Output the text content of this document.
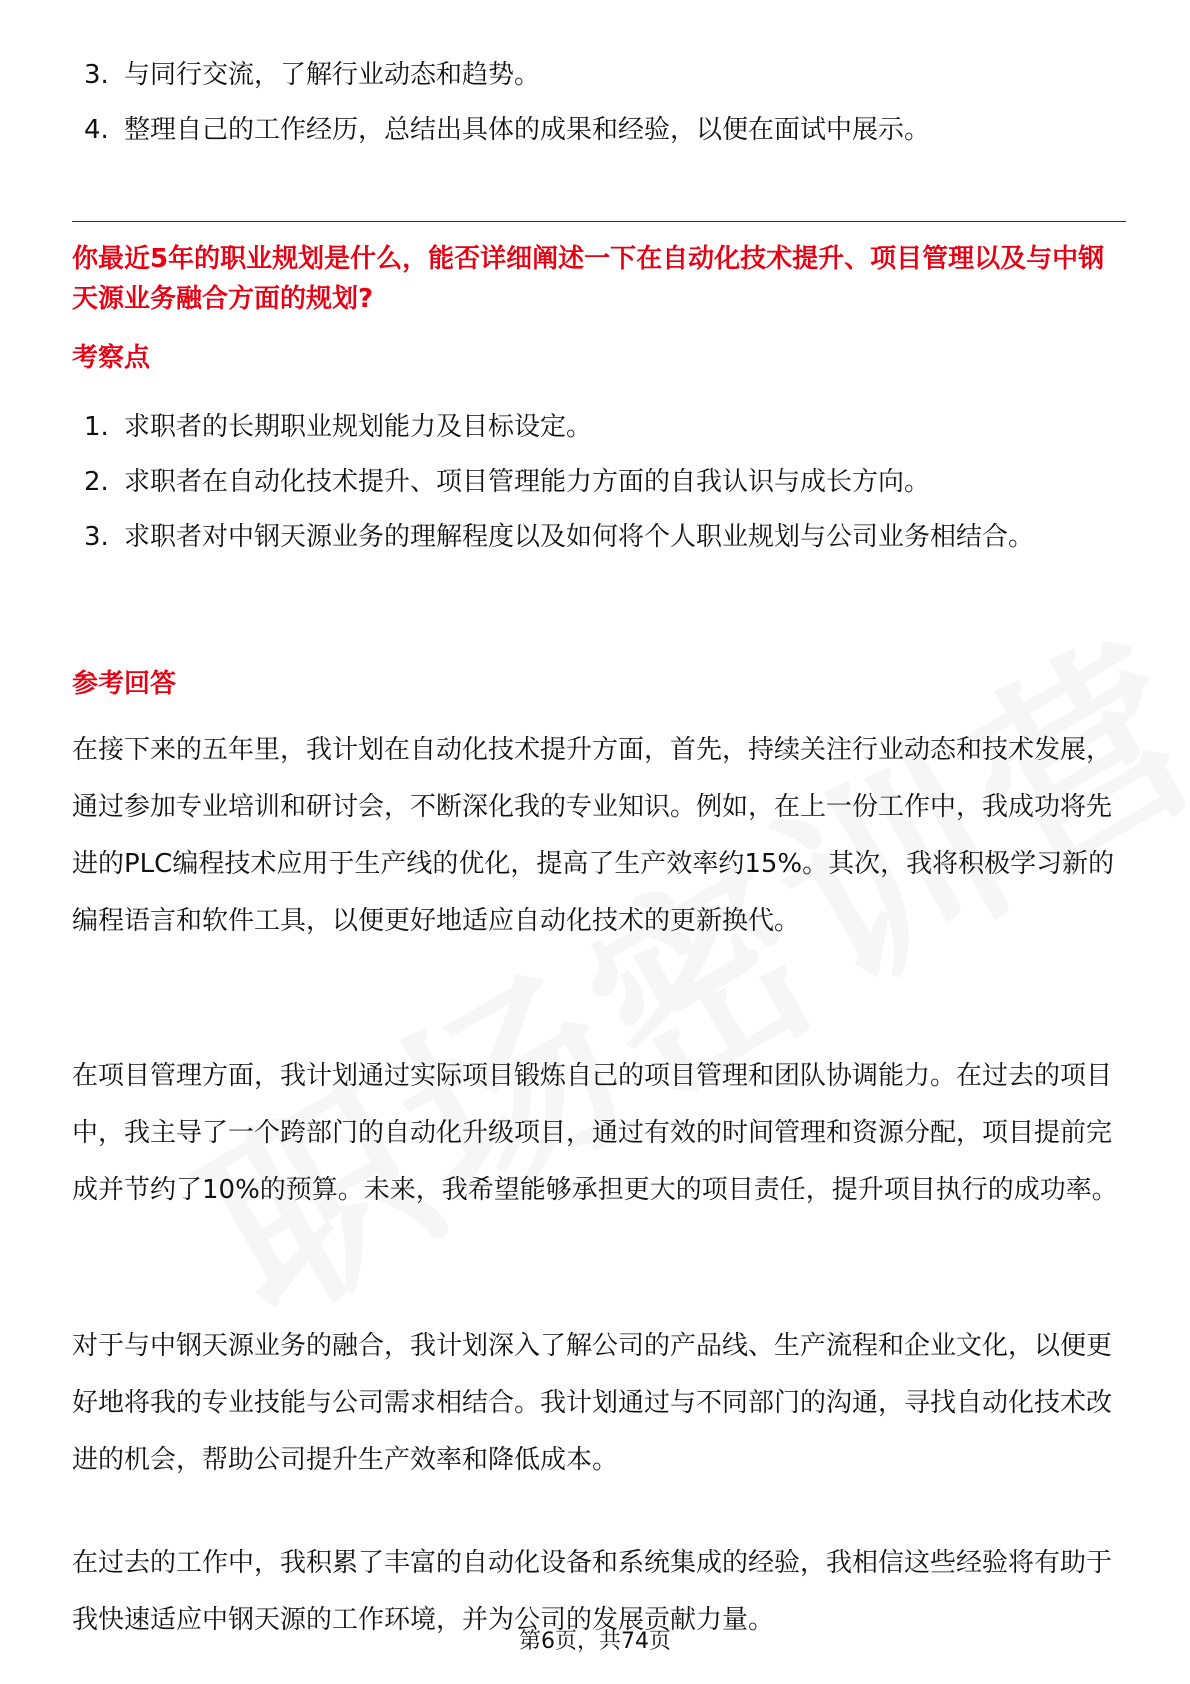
3. 与同行交流，了解行业动态和趋势。
4. 整理自己的工作经历，总结出具体的成果和经验，以便在面试中展示。
你最近5年的职业规划是什么，能否详细阐述一下在自动化技术提升、项目管理以及与中钢天源业务融合方面的规划?
考察点
1. 求职者的长期职业规划能力及目标设定。
2. 求职者在自动化技术提升、项目管理能力方面的自我认识与成长方向。
3. 求职者对中钢天源业务的理解程度以及如何将个人职业规划与公司业务相结合。
参考回答

在接下来的五年里，我计划在自动化技术提升方面，首先，持续关注行业动态和技术发展，通过参加专业培训和研讨会，不断深化我的专业知识。例如，在上一份工作中，我成功将先进的PLC编程技术应用于生产线的优化，提高了生产效率约15%。其次，我将积极学习新的编程语言和软件工具，以便更好地适应自动化技术的更新换代。

在项目管理方面，我计划通过实际项目锻炼自己的项目管理和团队协调能力。在过去的项目中，我主导了一个跨部门的自动化升级项目，通过有效的时间管理和资源分配，项目提前完成并节约了10%的预算。未来，我希望能够承担更大的项目责任，提升项目执行的成功率。

对于与中钢天源业务的融合，我计划深入了解公司的产品线、生产流程和企业文化，以便更好地将我的专业技能与公司需求相结合。我计划通过与不同部门的沟通，寻找自动化技术改进的机会，帮助公司提升生产效率和降低成本。

在过去的工作中，我积累了丰富的自动化设备和系统集成的经验，我相信这些经验将有助于我快速适应中钢天源的工作环境，并为公司的发展贡献力量。

第6页，共74页
